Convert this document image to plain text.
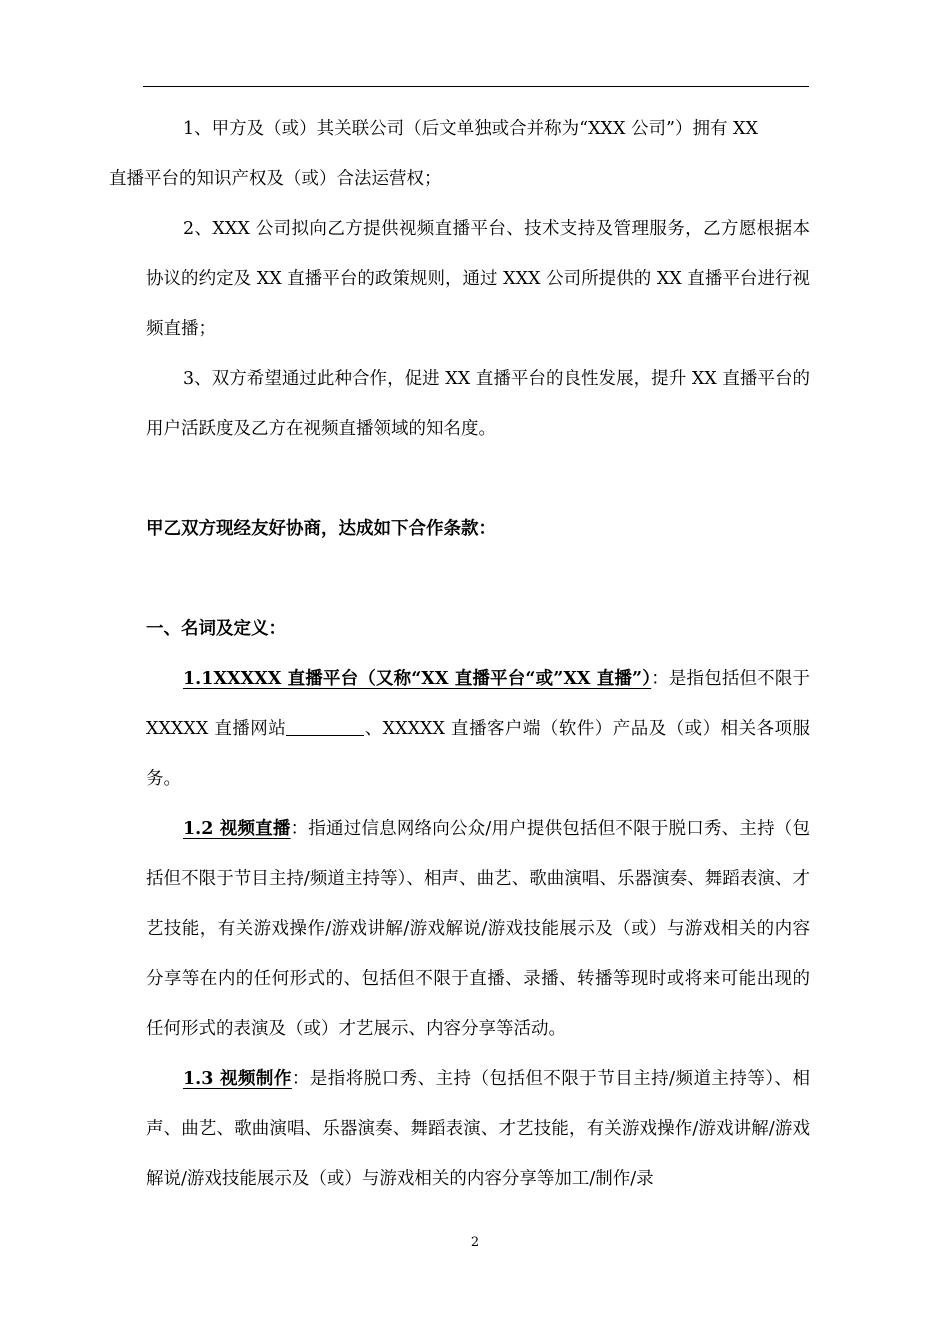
1、甲方及（或）其关联公司（后文单独或合并称为“XXX 公司”）拥有 XX
直播平台的知识产权及（或）合法运营权；

2、XXX 公司拟向乙方提供视频直播平台、技术支持及管理服务，乙方愿根据本协议的约定及 XX 直播平台的政策规则，通过 XXX 公司所提供的 XX 直播平台进行视频直播；

3、双方希望通过此种合作，促进 XX 直播平台的良性发展，提升 XX 直播平台的用户活跃度及乙方在视频直播领域的知名度。

甲乙双方现经友好协商，达成如下合作条款：

一、名词及定义：

1.1XXXXX 直播平台（又称“XX 直播平台“或”XX 直播”）：是指包括但不限于 XXXXX 直播网站	、XXXXX 直播客户端（软件）产品及（或）相关各项服务。

1.2 视频直播：指通过信息网络向公众/用户提供包括但不限于脱口秀、主持（包括但不限于节目主持/频道主持等）、相声、曲艺、歌曲演唱、乐器演奏、舞蹈表演、才艺技能，有关游戏操作/游戏讲解/游戏解说/游戏技能展示及（或）与游戏相关的内容分享等在内的任何形式的、包括但不限于直播、录播、转播等现时或将来可能出现的任何形式的表演及（或）才艺展示、内容分享等活动。

1.3 视频制作：是指将脱口秀、主持（包括但不限于节目主持/频道主持等）、相声、曲艺、歌曲演唱、乐器演奏、舞蹈表演、才艺技能，有关游戏操作/游戏讲解/游戏解说/游戏技能展示及（或）与游戏相关的内容分享等加工/制作/录

2
